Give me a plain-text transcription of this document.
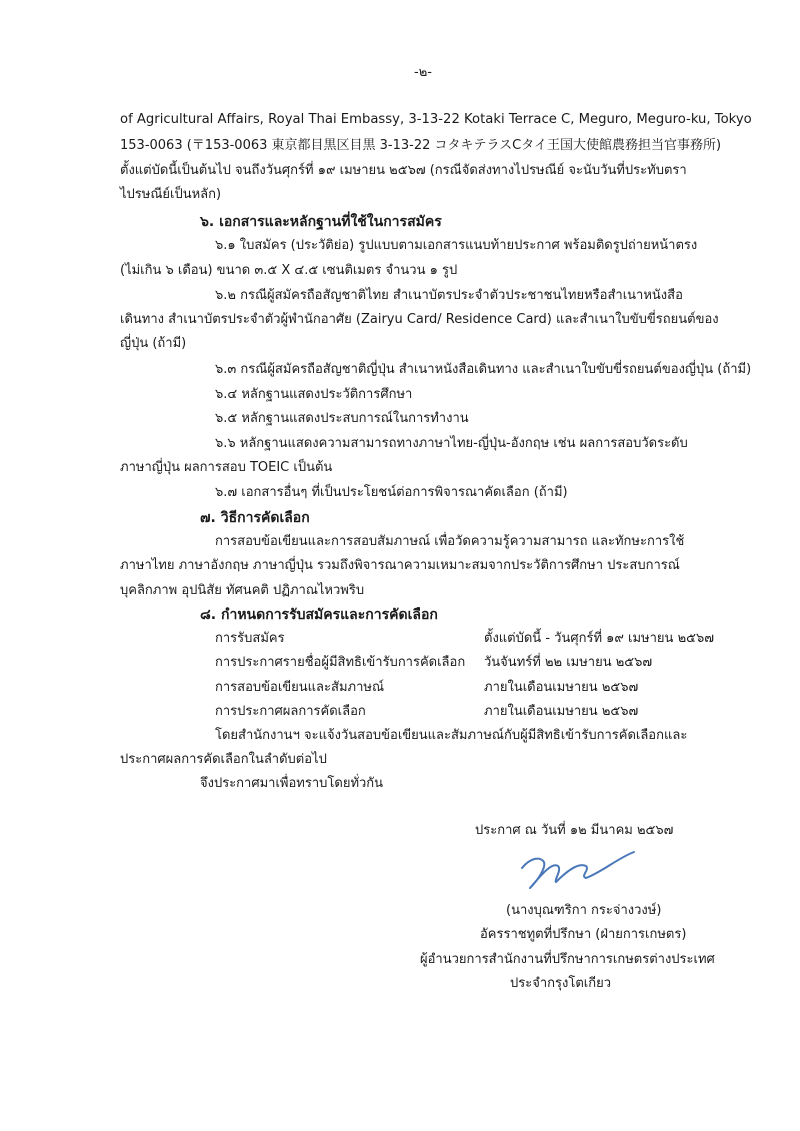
-๒-
of Agricultural Affairs, Royal Thai Embassy, 3-13-22 Kotaki Terrace C, Meguro, Meguro-ku, Tokyo
153-0063 (〒153-0063 東京都目黒区目黒 3-13-22 コタキテラスCタイ王国大使館農務担当官事務所)
ตั้งแต่บัดนี้เป็นต้นไป จนถึงวันศุกร์ที่ ๑๙ เมษายน ๒๕๖๗ (กรณีจัดส่งทางไปรษณีย์ จะนับวันที่ประทับตรา
ไปรษณีย์เป็นหลัก)
๖. เอกสารและหลักฐานที่ใช้ในการสมัคร
๖.๑ ใบสมัคร (ประวัติย่อ) รูปแบบตามเอกสารแนบท้ายประกาศ พร้อมติดรูปถ่ายหน้าตรง
(ไม่เกิน ๖ เดือน) ขนาด ๓.๕ X ๔.๕ เซนติเมตร จำนวน ๑ รูป
๖.๒ กรณีผู้สมัครถือสัญชาติไทย สำเนาบัตรประจำตัวประชาชนไทยหรือสำเนาหนังสือ
เดินทาง สำเนาบัตรประจำตัวผู้พำนักอาศัย (Zairyu Card/ Residence Card) และสำเนาใบขับขี่รถยนต์ของ
ญี่ปุ่น (ถ้ามี)
๖.๓ กรณีผู้สมัครถือสัญชาติญี่ปุ่น สำเนาหนังสือเดินทาง และสำเนาใบขับขี่รถยนต์ของญี่ปุ่น (ถ้ามี)
๖.๔ หลักฐานแสดงประวัติการศึกษา
๖.๕ หลักฐานแสดงประสบการณ์ในการทำงาน
๖.๖ หลักฐานแสดงความสามารถทางภาษาไทย-ญี่ปุ่น-อังกฤษ เช่น ผลการสอบวัดระดับ
ภาษาญี่ปุ่น ผลการสอบ TOEIC เป็นต้น
๖.๗ เอกสารอื่นๆ ที่เป็นประโยชน์ต่อการพิจารณาคัดเลือก (ถ้ามี)
๗. วิธีการคัดเลือก
การสอบข้อเขียนและการสอบสัมภาษณ์ เพื่อวัดความรู้ความสามารถ และทักษะการใช้
ภาษาไทย ภาษาอังกฤษ ภาษาญี่ปุ่น รวมถึงพิจารณาความเหมาะสมจากประวัติการศึกษา ประสบการณ์
บุคลิกภาพ อุปนิสัย ทัศนคติ ปฏิภาณไหวพริบ
๘. กำหนดการรับสมัครและการคัดเลือก
การรับสมัคร	ตั้งแต่บัดนี้ - วันศุกร์ที่ ๑๙ เมษายน ๒๕๖๗
การประกาศรายชื่อผู้มีสิทธิเข้ารับการคัดเลือก วันจันทร์ที่ ๒๒ เมษายน ๒๕๖๗
การสอบข้อเขียนและสัมภาษณ์	ภายในเดือนเมษายน ๒๕๖๗
การประกาศผลการคัดเลือก	ภายในเดือนเมษายน ๒๕๖๗
โดยสำนักงานฯ จะแจ้งวันสอบข้อเขียนและสัมภาษณ์กับผู้มีสิทธิเข้ารับการคัดเลือกและ
ประกาศผลการคัดเลือกในลำดับต่อไป
จึงประกาศมาเพื่อทราบโดยทั่วกัน
ประกาศ ณ วันที่ ๑๒ มีนาคม ๒๕๖๗
(นางบุณฑริกา กระจ่างวงษ์)
อัครราชทูตที่ปรึกษา (ฝ่ายการเกษตร)
ผู้อำนวยการสำนักงานที่ปรึกษาการเกษตรต่างประเทศ
ประจำกรุงโตเกียว
